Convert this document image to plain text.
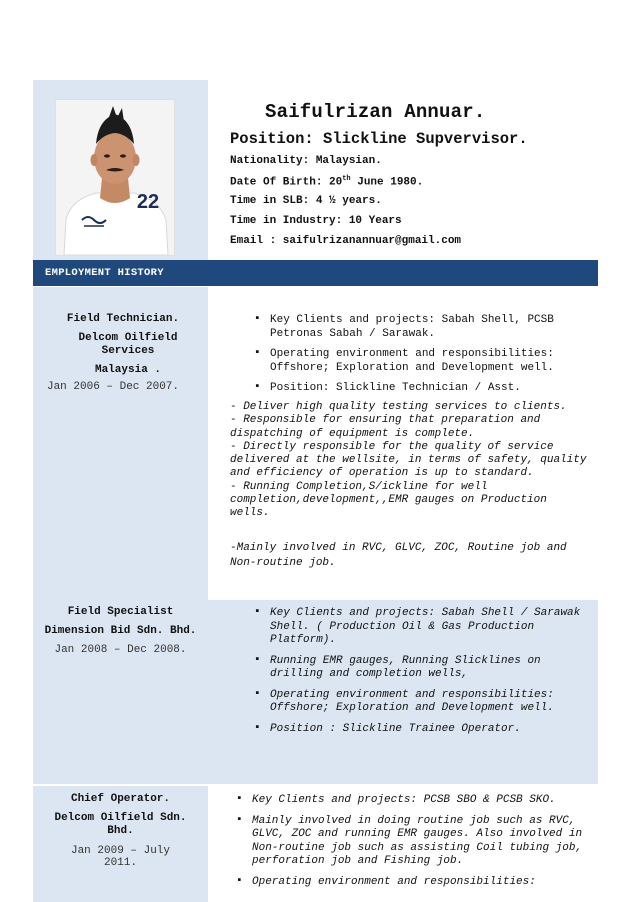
22
Saifulrizan Annuar.
Position: Slickline Supvervisor.
Nationality: Malaysian.
Date Of Birth: 20th June 1980.
Time in SLB: 4 ½ years.
Time in Industry: 10 Years
Email : saifulrizanannuar@gmail.com
EMPLOYMENT HISTORY
Field Technician.
Delcom Oilfield
Services
Malaysia .
Jan 2006 – Dec 2007.
▪ Key Clients and projects: Sabah Shell, PCSB Petronas Sabah / Sarawak.
▪ Operating environment and responsibilities: Offshore; Exploration and Development well.
▪ Position: Slickline Technician / Asst.
- Deliver high quality testing services to clients.
- Responsible for ensuring that preparation and dispatching of equipment is complete.
- Directly responsible for the quality of service delivered at the wellsite, in terms of safety, quality and efficiency of operation is up to standard.
- Running Completion,S/ickline for well completion,development,,EMR gauges on Production wells.
-Mainly involved in RVC, GLVC, ZOC, Routine job and Non-routine job.
Field Specialist
Dimension Bid Sdn. Bhd.
Jan 2008 – Dec 2008.
▪ Key Clients and projects: Sabah Shell / Sarawak Shell. ( Production Oil & Gas Production Platform).
▪ Running EMR gauges, Running Slicklines on drilling and completion wells,
▪ Operating environment and responsibilities: Offshore; Exploration and Development well.
▪ Position : Slickline Trainee Operator.
Chief Operator.
Delcom Oilfield Sdn.
Bhd.
Jan 2009 – July
2011.
▪ Key Clients and projects: PCSB SBO & PCSB SKO.
▪ Mainly involved in doing routine job such as RVC, GLVC, ZOC and running EMR gauges. Also involved in Non-routine job such as assisting Coil tubing job, perforation job and Fishing job.
▪ Operating environment and responsibilities:
